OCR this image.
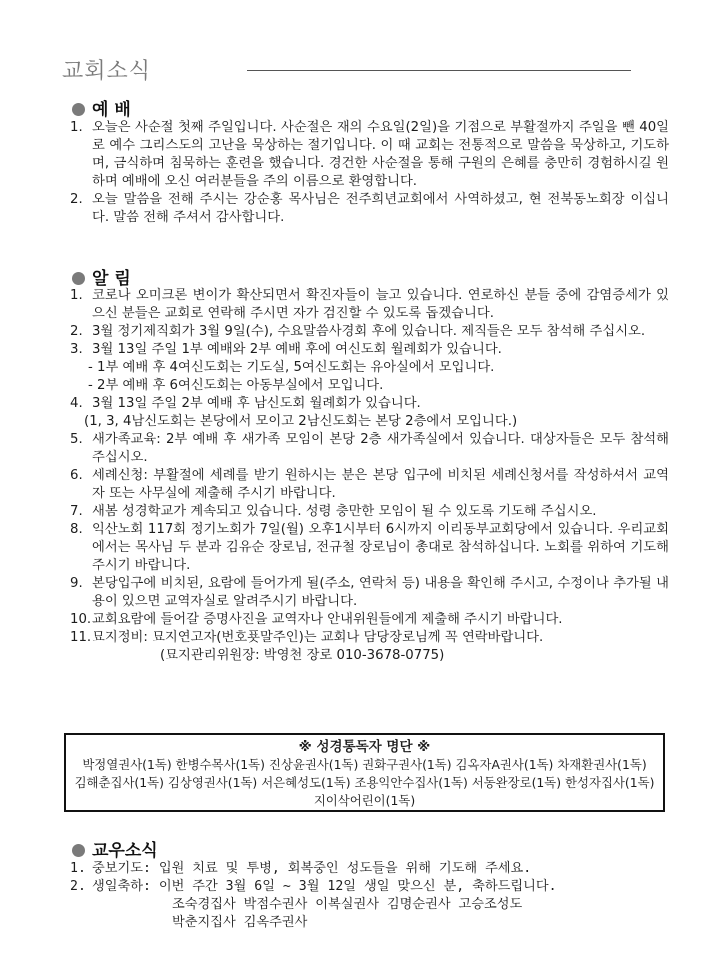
교회소식
예 배
1. 오늘은 사순절 첫째 주일입니다. 사순절은 재의 수요일(2일)을 기점으로 부활절까지 주일을 뺀 40일로 예수 그리스도의 고난을 묵상하는 절기입니다. 이 때 교회는 전통적으로 말씀을 묵상하고, 기도하며, 금식하며 침묵하는 훈련을 했습니다. 경건한 사순절을 통해 구원의 은혜를 충만히 경험하시길 원하며 예배에 오신 여러분들을 주의 이름으로 환영합니다.
2. 오늘 말씀을 전해 주시는 강순홍 목사님은 전주희년교회에서 사역하셨고, 현 전북동노회장 이십니다. 말씀 전해 주셔서 감사합니다.
알 림
1. 코로나 오미크론 변이가 확산되면서 확진자들이 늘고 있습니다. 연로하신 분들 중에 감염증세가 있으신 분들은 교회로 연락해 주시면 자가 검진할 수 있도록 돕겠습니다.
2. 3월 정기제직회가 3월 9일(수), 수요말씀사경회 후에 있습니다. 제직들은 모두 참석해 주십시오.
3. 3월 13일 주일 1부 예배와 2부 예배 후에 여신도회 월례회가 있습니다.
- 1부 예배 후 4여신도회는 기도실, 5여신도회는 유아실에서 모입니다.
- 2부 예배 후 6여신도회는 아동부실에서 모입니다.
4. 3월 13일 주일 2부 예배 후 남신도회 월례회가 있습니다.
(1, 3, 4남신도회는 본당에서 모이고 2남신도회는 본당 2층에서 모입니다.)
5. 새가족교육: 2부 예배 후 새가족 모임이 본당 2층 새가족실에서 있습니다. 대상자들은 모두 참석해 주십시오.
6. 세례신청: 부활절에 세례를 받기 원하시는 분은 본당 입구에 비치된 세례신청서를 작성하셔서 교역자 또는 사무실에 제출해 주시기 바랍니다.
7. 새봄 성경학교가 계속되고 있습니다. 성령 충만한 모임이 될 수 있도록 기도해 주십시오.
8. 익산노회 117회 정기노회가 7일(월) 오후1시부터 6시까지 이리동부교회당에서 있습니다. 우리교회에서는 목사님 두 분과 김유순 장로님, 전규철 장로님이 총대로 참석하십니다. 노회를 위하여 기도해 주시기 바랍니다.
9. 본당입구에 비치된, 요람에 들어가게 될(주소, 연락처 등) 내용을 확인해 주시고, 수정이나 추가될 내용이 있으면 교역자실로 알려주시기 바랍니다.
10. 교회요람에 들어갈 증명사진을 교역자나 안내위원들에게 제출해 주시기 바랍니다.
11. 묘지정비: 묘지연고자(번호푯말주인)는 교회나 담당장로님께 꼭 연락바랍니다.
(묘지관리위원장: 박영천 장로 010-3678-0775)
※ 성경통독자 명단 ※
박정열권사(1독) 한병수목사(1독) 진상윤권사(1독) 권화구권사(1독) 김옥자A권사(1독) 차재환권사(1독)
김해춘집사(1독) 김상영권사(1독) 서은혜성도(1독) 조용익안수집사(1독) 서동완장로(1독) 한성자집사(1독)
지이삭어린이(1독)
교우소식
1. 중보기도: 입원 치료 및 투병, 회복중인 성도들을 위해 기도해 주세요.
2. 생일축하: 이번 주간 3월 6일 ~ 3월 12일 생일 맞으신 분, 축하드립니다.
조숙경집사 박점수권사 이복실권사 김명순권사 고승조성도
박춘지집사 김옥주권사
